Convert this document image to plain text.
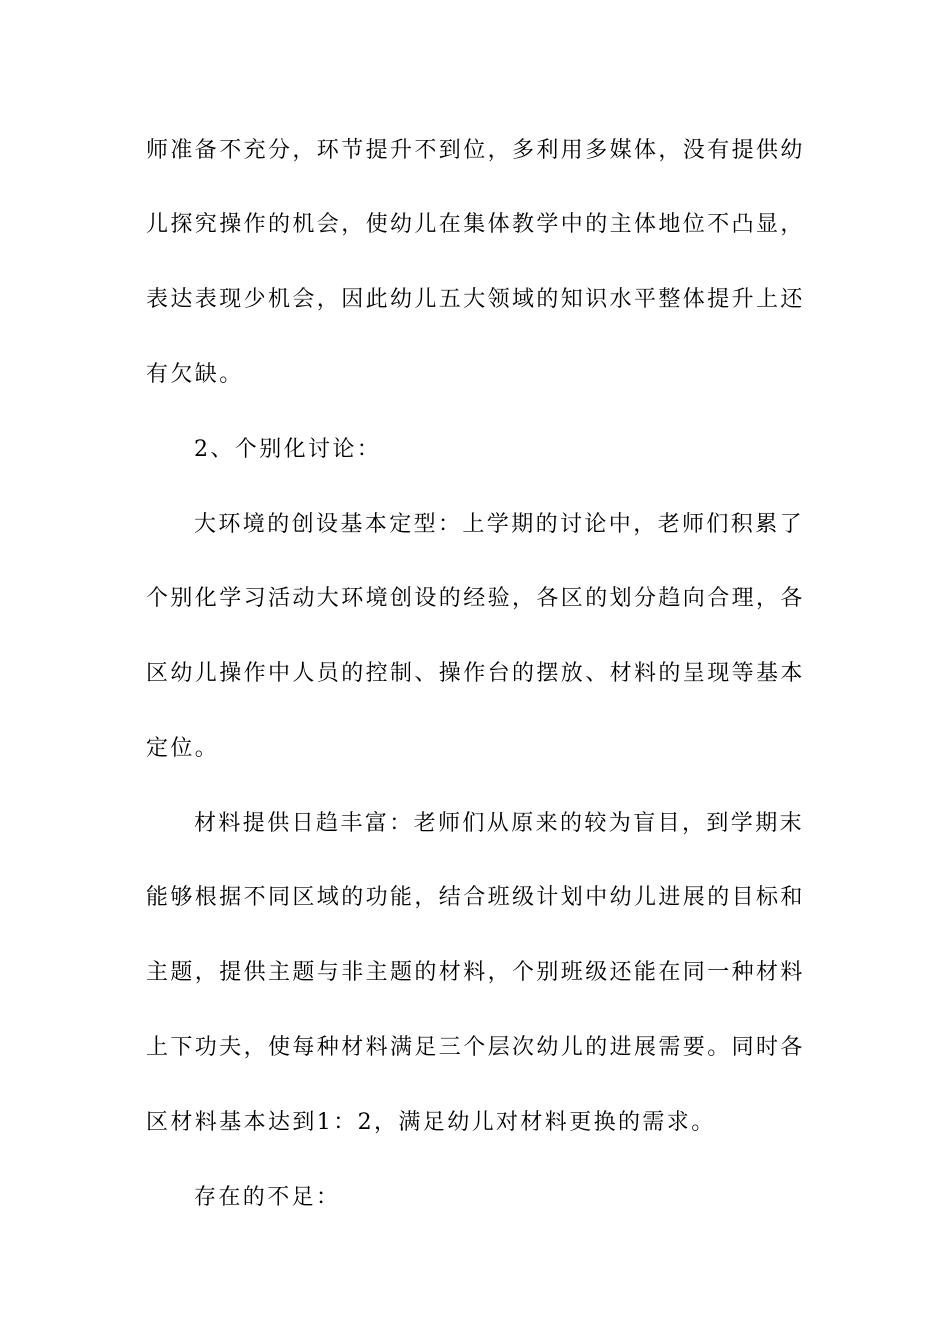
师准备不充分，环节提升不到位，多利用多媒体，没有提供幼
儿探究操作的机会，使幼儿在集体教学中的主体地位不凸显，
表达表现少机会，因此幼儿五大领域的知识水平整体提升上还
有欠缺。
2、个别化讨论：
大环境的创设基本定型：上学期的讨论中，老师们积累了
个别化学习活动大环境创设的经验，各区的划分趋向合理，各
区幼儿操作中人员的控制、操作台的摆放、材料的呈现等基本
定位。
材料提供日趋丰富：老师们从原来的较为盲目，到学期末
能够根据不同区域的功能，结合班级计划中幼儿进展的目标和
主题，提供主题与非主题的材料，个别班级还能在同一种材料
上下功夫，使每种材料满足三个层次幼儿的进展需要。同时各
区材料基本达到1：2，满足幼儿对材料更换的需求。
存在的不足：
